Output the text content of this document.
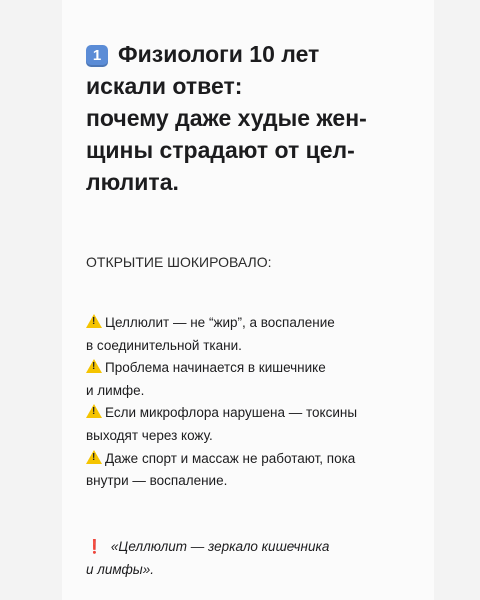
1 Физиологи 10 лет
искали ответ:
почему даже худые жен-
щины страдают от цел-
люлита.
ОТКРЫТИЕ ШОКИРОВАЛО:

!Целлюлит — не “жир”, а воспаление

в соединительной ткани.

!Проблема начинается в кишечнике

и лимфе.

!Если микрофлора нарушена — токсины

выходят через кожу.

!Даже спорт и массаж не работают, пока

внутри — воспаление.

❗ «Целлюлит — зеркало кишечника
и лимфы».
